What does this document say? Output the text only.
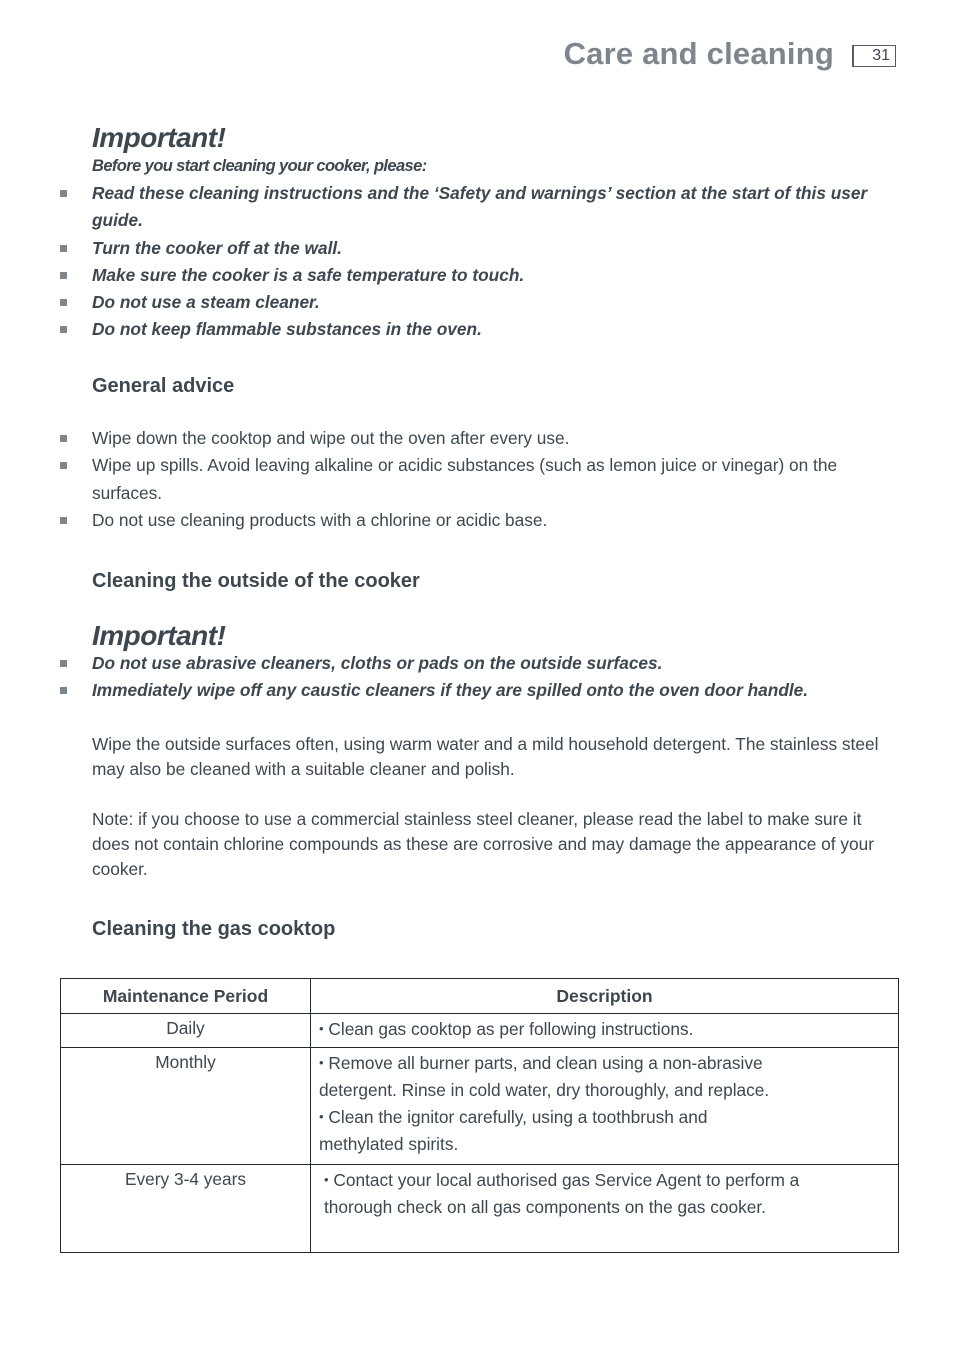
Care and cleaning	31
Important!
Before you start cleaning your cooker, please:
Read these cleaning instructions and the ‘Safety and warnings’ section at the start of this user guide.
Turn the cooker off at the wall.
Make sure the cooker is a safe temperature to touch.
Do not use a steam cleaner.
Do not keep flammable substances in the oven.
General advice
Wipe down the cooktop and wipe out the oven after every use.
Wipe up spills. Avoid leaving alkaline or acidic substances (such as lemon juice or vinegar) on the surfaces.
Do not use cleaning products with a chlorine or acidic base.
Cleaning the outside of the cooker
Important!
Do not use abrasive cleaners, cloths or pads on the outside surfaces.
Immediately wipe off any caustic cleaners if they are spilled onto the oven door handle.
Wipe the outside surfaces often, using warm water and a mild household detergent. The stainless steel may also be cleaned with a suitable cleaner and polish.
Note: if you choose to use a commercial stainless steel cleaner, please read the label to make sure it does not contain chlorine compounds as these are corrosive and may damage the appearance of your cooker.
Cleaning the gas cooktop
Maintenance Period	Description
Daily	• Clean gas cooktop as per following instructions.

Monthly	• Remove all burner parts, and clean using a non-abrasive detergent. Rinse in cold water, dry thoroughly, and replace.
• Clean the ignitor carefully, using a toothbrush and methylated spirits.

Every 3-4 years	• Contact your local authorised gas Service Agent to perform a thorough check on all gas components on the gas cooker.
